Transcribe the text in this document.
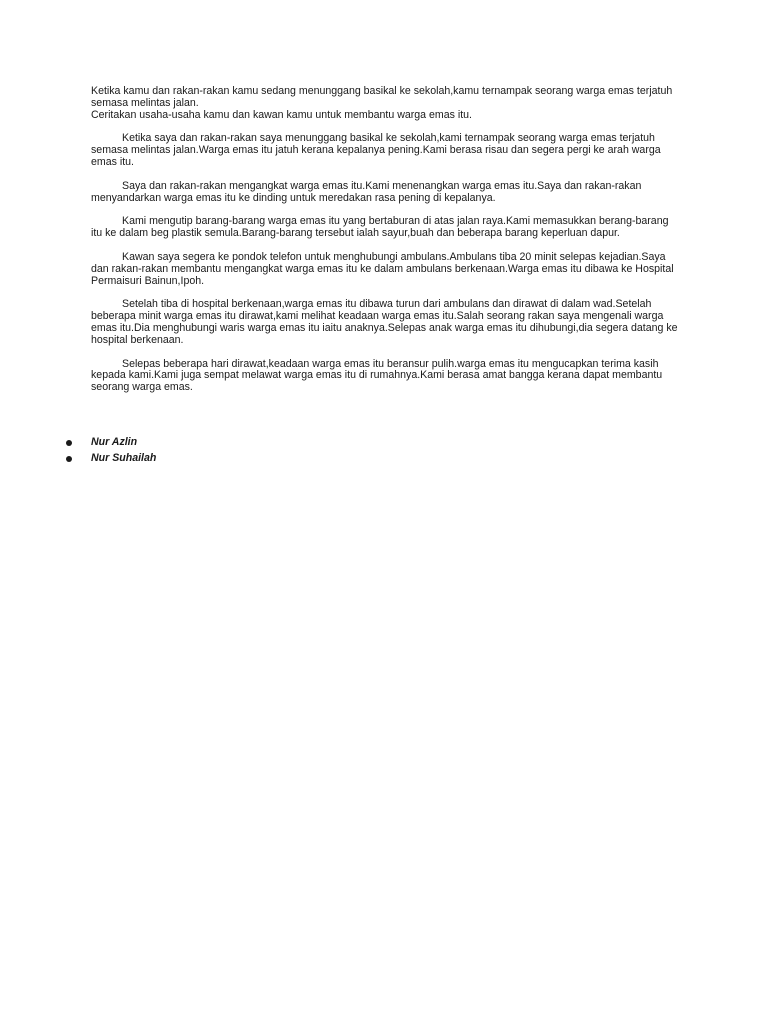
Ketika kamu dan rakan-rakan kamu sedang menunggang basikal ke sekolah,kamu ternampak seorang warga emas terjatuh semasa melintas jalan.

Ceritakan usaha-usaha kamu dan kawan kamu untuk membantu warga emas itu.

Ketika saya dan rakan-rakan saya menunggang basikal ke sekolah,kami ternampak seorang warga emas terjatuh semasa melintas jalan.Warga emas itu jatuh kerana kepalanya pening.Kami berasa risau dan segera pergi ke arah warga emas itu.

Saya dan rakan-rakan mengangkat warga emas itu.Kami menenangkan warga emas itu.Saya dan rakan-rakan menyandarkan warga emas itu ke dinding untuk meredakan rasa pening di kepalanya.

Kami mengutip barang-barang warga emas itu yang bertaburan di atas jalan raya.Kami memasukkan berang-barang itu ke dalam beg plastik semula.Barang-barang tersebut ialah sayur,buah dan beberapa barang keperluan dapur.

Kawan saya segera ke pondok telefon untuk menghubungi ambulans.Ambulans tiba 20 minit selepas kejadian.Saya dan rakan-rakan membantu mengangkat warga emas itu ke dalam ambulans berkenaan.Warga emas itu dibawa ke Hospital Permaisuri Bainun,Ipoh.

Setelah tiba di hospital berkenaan,warga emas itu dibawa turun dari ambulans dan dirawat di dalam wad.Setelah beberapa minit warga emas itu dirawat,kami melihat keadaan warga emas itu.Salah seorang rakan saya mengenali warga emas itu.Dia menghubungi waris warga emas itu iaitu anaknya.Selepas anak warga emas itu dihubungi,dia segera datang ke hospital berkenaan.

Selepas beberapa hari dirawat,keadaan warga emas itu beransur pulih.warga emas itu mengucapkan terima kasih kepada kami.Kami juga sempat melawat warga emas itu di rumahnya.Kami berasa amat bangga kerana dapat membantu seorang warga emas.

Nur Azlin
Nur Suhailah
